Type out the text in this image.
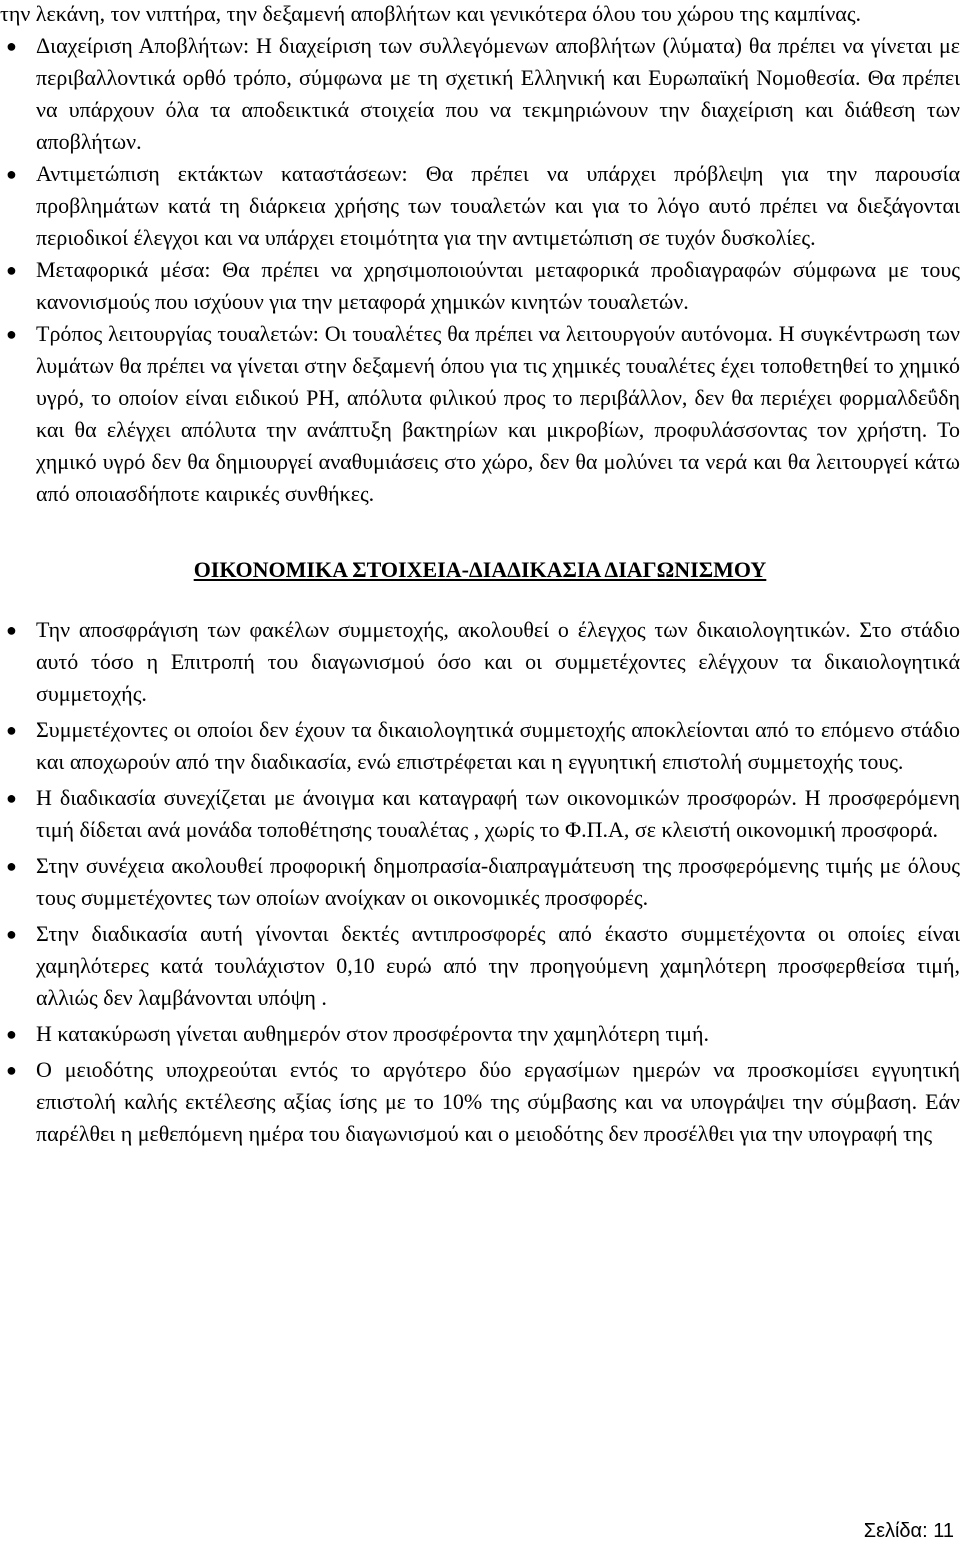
την λεκάνη, τον νιπτήρα, την δεξαμενή αποβλήτων και γενικότερα όλου του χώρου της καμπίνας.

● Διαχείριση Αποβλήτων: Η διαχείριση των συλλεγόμενων αποβλήτων (λύματα) θα πρέπει να γίνεται με περιβαλλοντικά ορθό τρόπο, σύμφωνα με τη σχετική Ελληνική και Ευρωπαϊκή Νομοθεσία. Θα πρέπει να υπάρχουν όλα τα αποδεικτικά στοιχεία που να τεκμηριώνουν την διαχείριση και διάθεση των αποβλήτων.
● Αντιμετώπιση εκτάκτων καταστάσεων: Θα πρέπει να υπάρχει πρόβλεψη για την παρουσία προβλημάτων κατά τη διάρκεια χρήσης των τουαλετών και για το λόγο αυτό πρέπει να διεξάγονται περιοδικοί έλεγχοι και να υπάρχει ετοιμότητα για την αντιμετώπιση σε τυχόν δυσκολίες.
● Μεταφορικά μέσα: Θα πρέπει να χρησιμοποιούνται μεταφορικά προδιαγραφών σύμφωνα με τους κανονισμούς που ισχύουν για την μεταφορά χημικών κινητών τουαλετών.
● Τρόπος λειτουργίας τουαλετών: Οι τουαλέτες θα πρέπει να λειτουργούν αυτόνομα. Η συγκέντρωση των λυμάτων θα πρέπει να γίνεται στην δεξαμενή όπου για τις χημικές τουαλέτες έχει τοποθετηθεί το χημικό υγρό, το οποίον είναι ειδικού PH, απόλυτα φιλικού προς το περιβάλλον, δεν θα περιέχει φορμαλδεΰδη και θα ελέγχει απόλυτα την ανάπτυξη βακτηρίων και μικροβίων, προφυλάσσοντας τον χρήστη. Το χημικό υγρό δεν θα δημιουργεί αναθυμιάσεις στο χώρο, δεν θα μολύνει τα νερά και θα λειτουργεί κάτω από οποιασδήποτε καιρικές συνθήκες.
ΟΙΚΟΝΟΜΙΚΑ ΣΤΟΙΧΕΙΑ-ΔΙΑΔΙΚΑΣΙΑ ΔΙΑΓΩΝΙΣΜΟΥ
● Την αποσφράγιση των φακέλων συμμετοχής, ακολουθεί ο έλεγχος των δικαιολογητικών. Στο στάδιο αυτό τόσο η Επιτροπή του διαγωνισμού όσο και οι συμμετέχοντες ελέγχουν τα δικαιολογητικά συμμετοχής.
● Συμμετέχοντες οι οποίοι δεν έχουν τα δικαιολογητικά συμμετοχής αποκλείονται από το επόμενο στάδιο και αποχωρούν από την διαδικασία, ενώ επιστρέφεται και η εγγυητική επιστολή συμμετοχής τους.
● Η διαδικασία συνεχίζεται με άνοιγμα και καταγραφή των οικονομικών προσφορών. Η προσφερόμενη τιμή δίδεται ανά μονάδα τοποθέτησης τουαλέτας , χωρίς το Φ.Π.Α, σε κλειστή οικονομική προσφορά.
● Στην συνέχεια ακολουθεί προφορική δημοπρασία-διαπραγμάτευση της προσφερόμενης τιμής με όλους τους συμμετέχοντες των οποίων ανοίχκαν οι οικονομικές προσφορές.
● Στην διαδικασία αυτή γίνονται δεκτές αντιπροσφορές από έκαστο συμμετέχοντα οι οποίες είναι χαμηλότερες κατά τουλάχιστον 0,10 ευρώ από την προηγούμενη χαμηλότερη προσφερθείσα τιμή, αλλιώς δεν λαμβάνονται υπόψη .
● Η κατακύρωση γίνεται αυθημερόν στον προσφέροντα την χαμηλότερη τιμή.
● Ο μειοδότης υποχρεούται εντός το αργότερο δύο εργασίμων ημερών να προσκομίσει εγγυητική επιστολή καλής εκτέλεσης αξίας ίσης με το 10% της σύμβασης και να υπογράψει την σύμβαση. Εάν παρέλθει η μεθεπόμενη ημέρα του διαγωνισμού και ο μειοδότης δεν προσέλθει για την υπογραφή της
Σελίδα: 11
